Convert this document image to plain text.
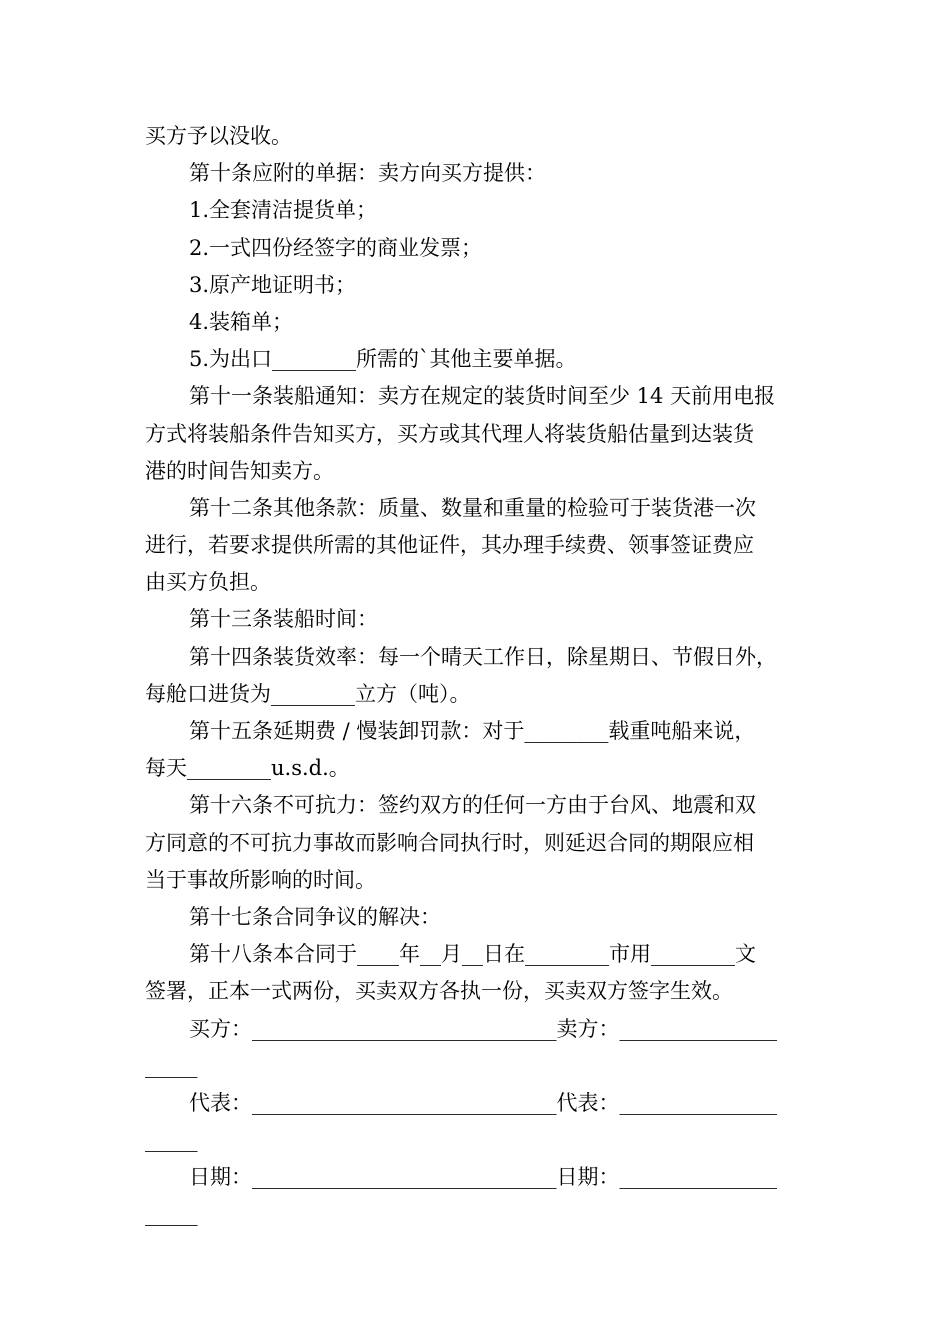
买方予以没收。
第十条应附的单据：卖方向买方提供：
1.全套清洁提货单；
2.一式四份经签字的商业发票；
3.原产地证明书；
4.装箱单；
5.为出口________所需的`其他主要单据。
第十一条装船通知：卖方在规定的装货时间至少 14 天前用电报
方式将装船条件告知买方，买方或其代理人将装货船估量到达装货
港的时间告知卖方。
第十二条其他条款：质量、数量和重量的检验可于装货港一次
进行，若要求提供所需的其他证件，其办理手续费、领事签证费应
由买方负担。
第十三条装船时间：
第十四条装货效率：每一个晴天工作日，除星期日、节假日外，
每舱口进货为________立方（吨）。
第十五条延期费 / 慢装卸罚款：对于________载重吨船来说，
每天________u.s.d.。
第十六条不可抗力：签约双方的任何一方由于台风、地震和双
方同意的不可抗力事故而影响合同执行时，则延迟合同的期限应相
当于事故所影响的时间。
第十七条合同争议的解决：
第十八条本合同于____年__月__日在________市用________文
签署，正本一式两份，买卖双方各执一份，买卖双方签字生效。
买方：_____________________________卖方：_______________
_____
代表：_____________________________代表：_______________
_____
日期：_____________________________日期：_______________
_____
